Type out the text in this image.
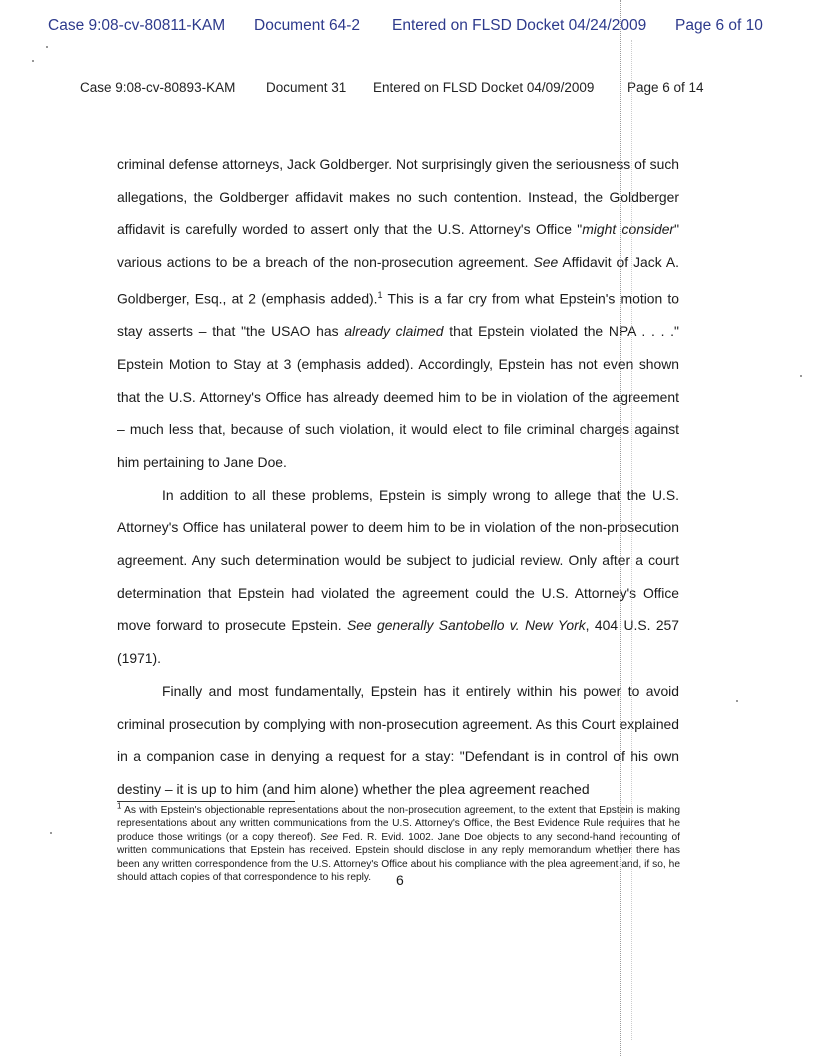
Case 9:08-cv-80811-KAM Document 64-2 Entered on FLSD Docket 04/24/2009 Page 6 of 10
Case 9:08-cv-80893-KAM Document 31 Entered on FLSD Docket 04/09/2009 Page 6 of 14

criminal defense attorneys, Jack Goldberger. Not surprisingly given the seriousness of such allegations, the Goldberger affidavit makes no such contention. Instead, the Goldberger affidavit is carefully worded to assert only that the U.S. Attorney's Office "might consider" various actions to be a breach of the non-prosecution agreement. See Affidavit of Jack A. Goldberger, Esq., at 2 (emphasis added).$^1$ This is a far cry from what Epstein's motion to stay asserts – that "the USAO has already claimed that Epstein violated the NPA . . . ." Epstein Motion to Stay at 3 (emphasis added). Accordingly, Epstein has not even shown that the U.S. Attorney's Office has already deemed him to be in violation of the agreement – much less that, because of such violation, it would elect to file criminal charges against him pertaining to Jane Doe.

In addition to all these problems, Epstein is simply wrong to allege that the U.S. Attorney's Office has unilateral power to deem him to be in violation of the non-prosecution agreement. Any such determination would be subject to judicial review. Only after a court determination that Epstein had violated the agreement could the U.S. Attorney's Office move forward to prosecute Epstein. See generally Santobello v. New York, 404 U.S. 257 (1971).

Finally and most fundamentally, Epstein has it entirely within his power to avoid criminal prosecution by complying with non-prosecution agreement. As this Court explained in a companion case in denying a request for a stay: "Defendant is in control of his own destiny – it is up to him (and him alone) whether the plea agreement reached

$^1$ As with Epstein's objectionable representations about the non-prosecution agreement, to the extent that Epstein is making representations about any written communications from the U.S. Attorney's Office, the Best Evidence Rule requires that he produce those writings (or a copy thereof). See Fed. R. Evid. 1002. Jane Doe objects to any second-hand recounting of written communications that Epstein has received. Epstein should disclose in any reply memorandum whether there has been any written correspondence from the U.S. Attorney's Office about his compliance with the plea agreement and, if so, he should attach copies of that correspondence to his reply.	6
